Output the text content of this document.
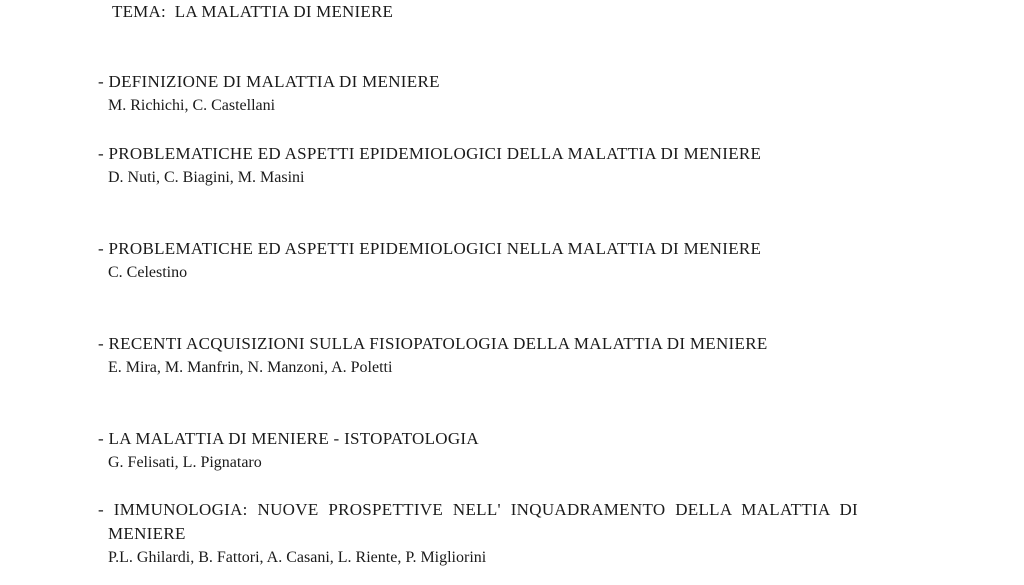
TEMA:  LA MALATTIA DI MENIERE
- DEFINIZIONE DI MALATTIA DI MENIERE
M. Richichi, C. Castellani
- PROBLEMATICHE ED ASPETTI EPIDEMIOLOGICI DELLA MALATTIA DI MENIERE
D. Nuti, C. Biagini, M. Masini
- PROBLEMATICHE ED ASPETTI EPIDEMIOLOGICI NELLA MALATTIA DI MENIERE
C. Celestino
- RECENTI ACQUISIZIONI SULLA FISIOPATOLOGIA DELLA MALATTIA DI MENIERE
E. Mira, M. Manfrin, N. Manzoni, A. Poletti
- LA MALATTIA DI MENIERE - ISTOPATOLOGIA
G. Felisati, L. Pignataro
- IMMUNOLOGIA: NUOVE PROSPETTIVE NELL' INQUADRAMENTO DELLA MALATTIA DI MENIERE
P.L. Ghilardi, B. Fattori, A. Casani, L. Riente, P. Migliorini
